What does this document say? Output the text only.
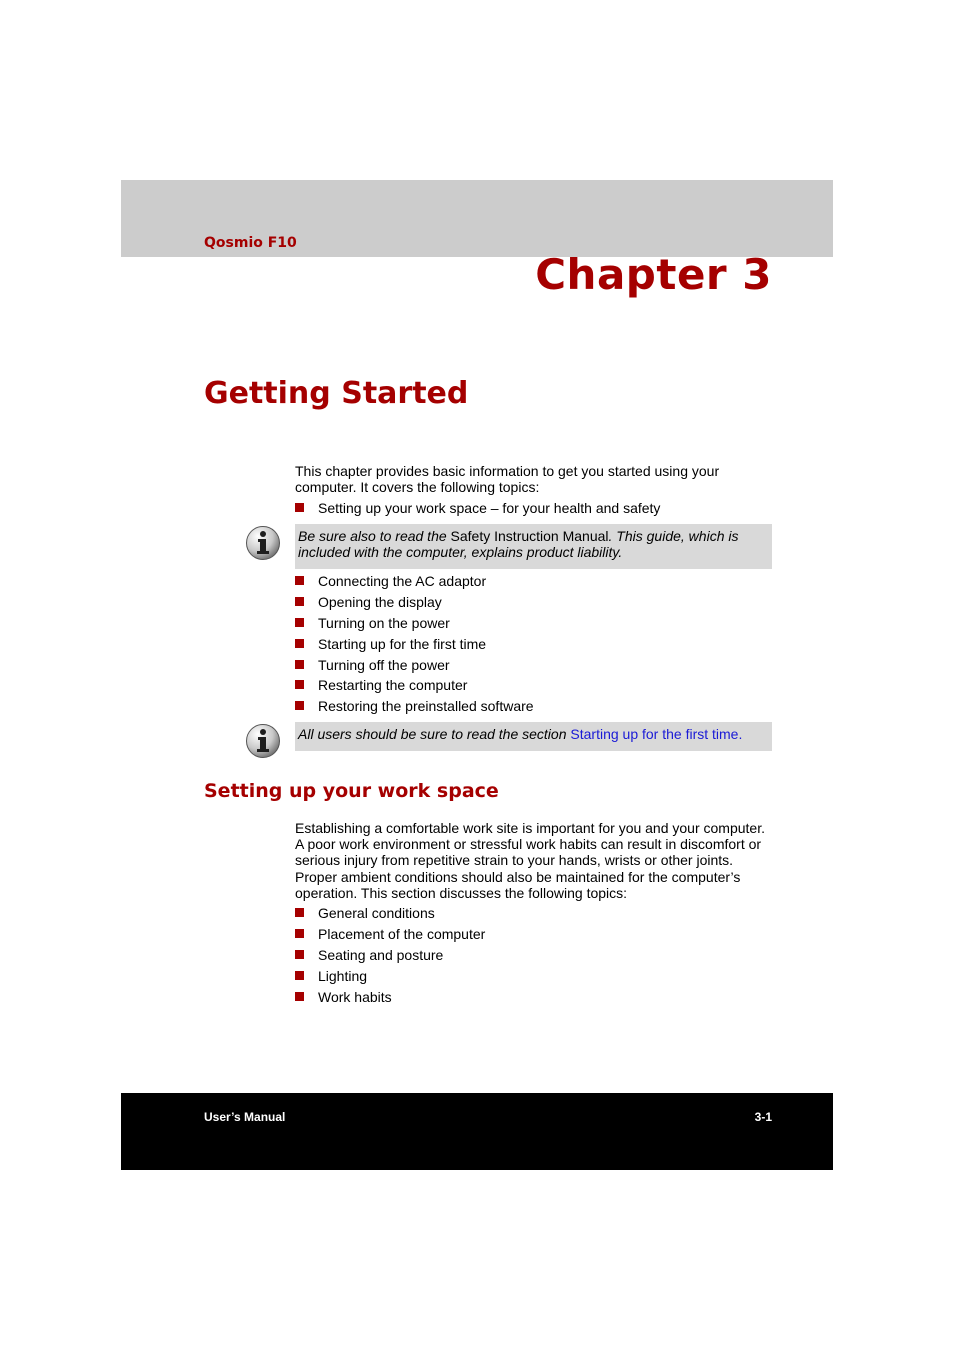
Qosmio F10
Chapter 3
Getting Started

This chapter provides basic information to get you started using your computer. It covers the following topics:

Setting up your work space – for your health and safety
Be sure also to read the Safety Instruction Manual. This guide, which is included with the computer, explains product liability.
Connecting the AC adaptor
Opening the display
Turning on the power
Starting up for the first time
Turning off the power
Restarting the computer
Restoring the preinstalled software
All users should be sure to read the section Starting up for the first time.
Setting up your work space

Establishing a comfortable work site is important for you and your computer. A poor work environment or stressful work habits can result in discomfort or serious injury from repetitive strain to your hands, wrists or other joints. Proper ambient conditions should also be maintained for the computer’s operation. This section discusses the following topics:

General conditions
Placement of the computer
Seating and posture
Lighting
Work habits
User’s Manual	3-1
